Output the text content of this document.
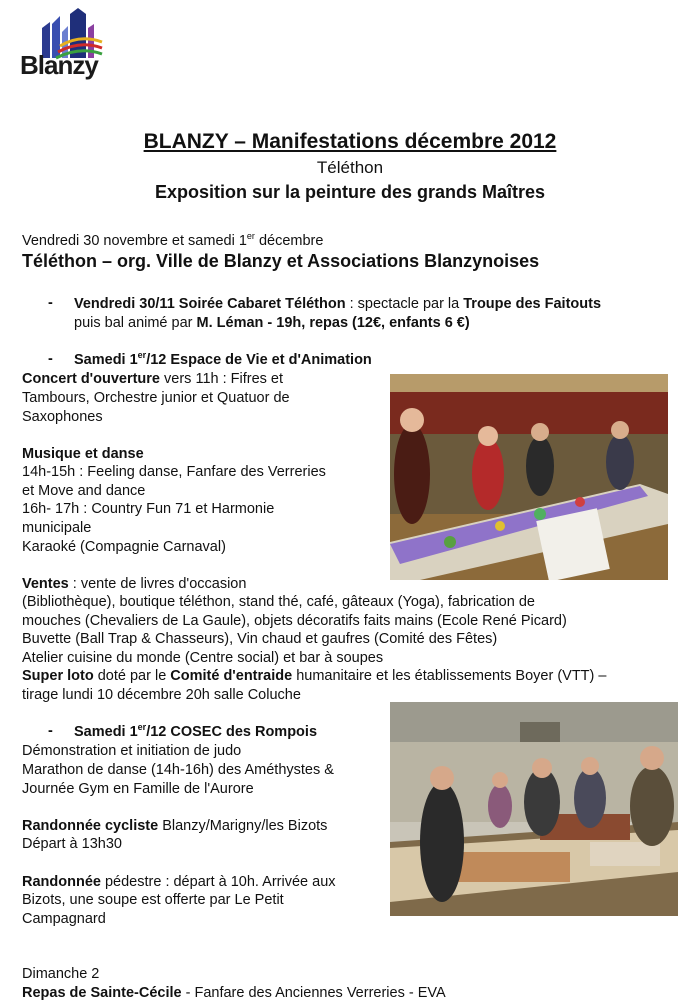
Blanzy
BLANZY – Manifestations décembre 2012
Téléthon
Exposition sur la peinture des grands Maîtres
Vendredi 30 novembre et samedi 1er décembre
Téléthon – org. Ville de Blanzy et Associations Blanzynoises
- Vendredi 30/11 Soirée Cabaret Téléthon : spectacle par la Troupe des Faitouts
puis bal animé par M. Léman - 19h, repas (12€, enfants 6 €)
- Samedi 1er/12 Espace de Vie et d'Animation
Concert d'ouverture vers 11h : Fifres et
Tambours, Orchestre junior et Quatuor de
Saxophones
Musique et danse
14h-15h : Feeling danse, Fanfare des Verreries
et Move and dance
16h- 17h : Country Fun 71 et Harmonie
municipale
Karaoké (Compagnie Carnaval)
Ventes : vente de livres d'occasion
(Bibliothèque), boutique téléthon, stand thé, café, gâteaux (Yoga), fabrication de
mouches (Chevaliers de La Gaule), objets décoratifs faits mains (Ecole René Picard)
Buvette (Ball Trap & Chasseurs), Vin chaud et gaufres (Comité des Fêtes)
Atelier cuisine du monde (Centre social) et bar à soupes
Super loto doté par le Comité d'entraide humanitaire et les établissements Boyer (VTT) –
tirage lundi 10 décembre 20h salle Coluche
- Samedi 1er/12 COSEC des Rompois
Démonstration et initiation de judo
Marathon de danse (14h-16h) des Améthystes &
Journée Gym en Famille de l'Aurore
Randonnée cycliste Blanzy/Marigny/les Bizots
Départ à 13h30
Randonnée pédestre : départ à 10h. Arrivée aux
Bizots, une soupe est offerte par Le Petit
Campagnard
Dimanche 2
Repas de Sainte-Cécile - Fanfare des Anciennes Verreries - EVA
